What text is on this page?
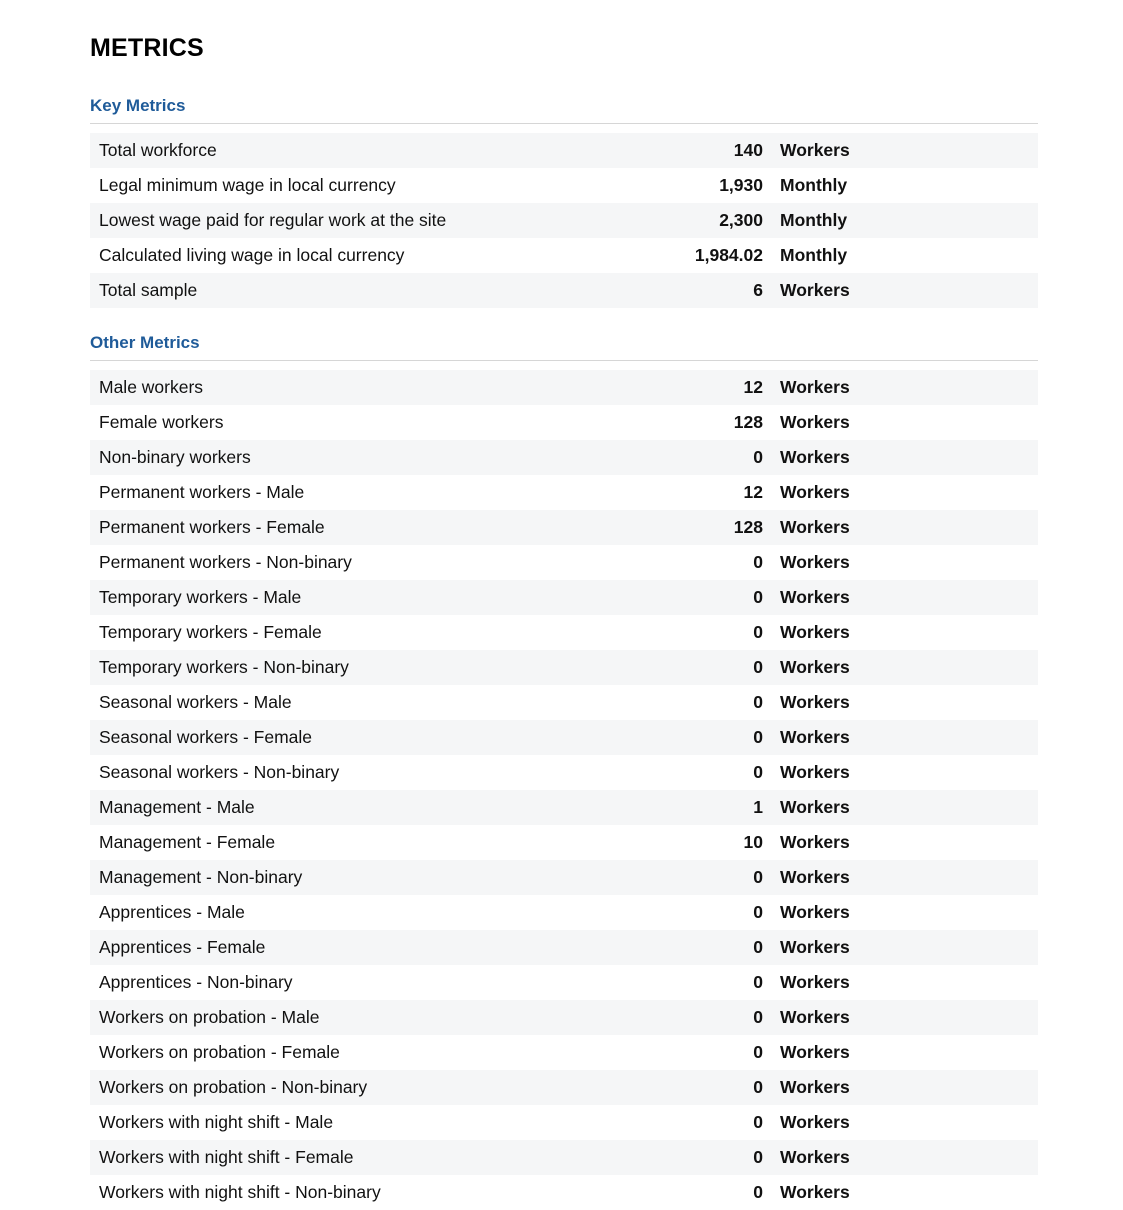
METRICS
Key Metrics
Total workforce	140 Workers
Legal minimum wage in local currency	1,930 Monthly
Lowest wage paid for regular work at the site	2,300 Monthly
Calculated living wage in local currency	1,984.02 Monthly
Total sample	6 Workers
Other Metrics
Male workers	12 Workers
Female workers	128 Workers
Non-binary workers	0 Workers
Permanent workers - Male	12 Workers
Permanent workers - Female	128 Workers
Permanent workers - Non-binary	0 Workers
Temporary workers - Male	0 Workers
Temporary workers - Female	0 Workers
Temporary workers - Non-binary	0 Workers
Seasonal workers - Male	0 Workers
Seasonal workers - Female	0 Workers
Seasonal workers - Non-binary	0 Workers
Management - Male	1 Workers
Management - Female	10 Workers
Management - Non-binary	0 Workers
Apprentices - Male	0 Workers
Apprentices - Female	0 Workers
Apprentices - Non-binary	0 Workers
Workers on probation - Male	0 Workers
Workers on probation - Female	0 Workers
Workers on probation - Non-binary	0 Workers
Workers with night shift - Male	0 Workers
Workers with night shift - Female	0 Workers
Workers with night shift - Non-binary	0 Workers
